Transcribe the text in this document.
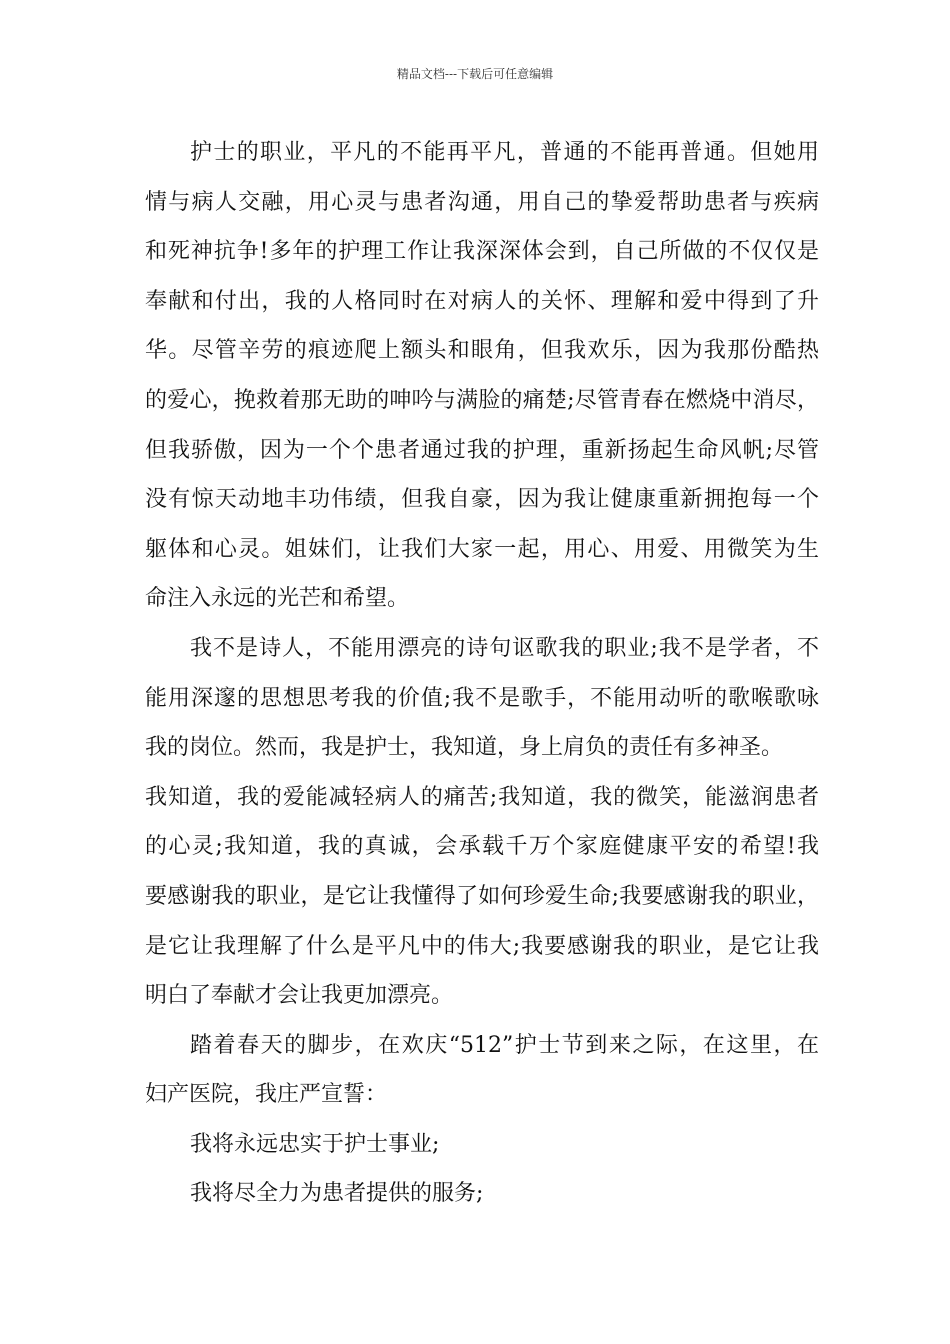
精品文档---下载后可任意编辑
护士的职业，平凡的不能再平凡，普通的不能再普通。但她用
情与病人交融，用心灵与患者沟通，用自己的挚爱帮助患者与疾病
和死神抗争!多年的护理工作让我深深体会到，自己所做的不仅仅是
奉献和付出，我的人格同时在对病人的关怀、理解和爱中得到了升
华。尽管辛劳的痕迹爬上额头和眼角，但我欢乐，因为我那份酷热
的爱心，挽救着那无助的呻吟与满脸的痛楚;尽管青春在燃烧中消尽，
但我骄傲，因为一个个患者通过我的护理，重新扬起生命风帆;尽管
没有惊天动地丰功伟绩，但我自豪，因为我让健康重新拥抱每一个
躯体和心灵。姐妹们，让我们大家一起，用心、用爱、用微笑为生
命注入永远的光芒和希望。
我不是诗人，不能用漂亮的诗句讴歌我的职业;我不是学者，不
能用深邃的思想思考我的价值;我不是歌手，不能用动听的歌喉歌咏
我的岗位。然而，我是护士，我知道，身上肩负的责任有多神圣。
我知道，我的爱能减轻病人的痛苦;我知道，我的微笑，能滋润患者
的心灵;我知道，我的真诚，会承载千万个家庭健康平安的希望!我
要感谢我的职业，是它让我懂得了如何珍爱生命;我要感谢我的职业，
是它让我理解了什么是平凡中的伟大;我要感谢我的职业，是它让我
明白了奉献才会让我更加漂亮。
踏着春天的脚步，在欢庆“512”护士节到来之际，在这里，在
妇产医院，我庄严宣誓：
我将永远忠实于护士事业;
我将尽全力为患者提供的服务;
